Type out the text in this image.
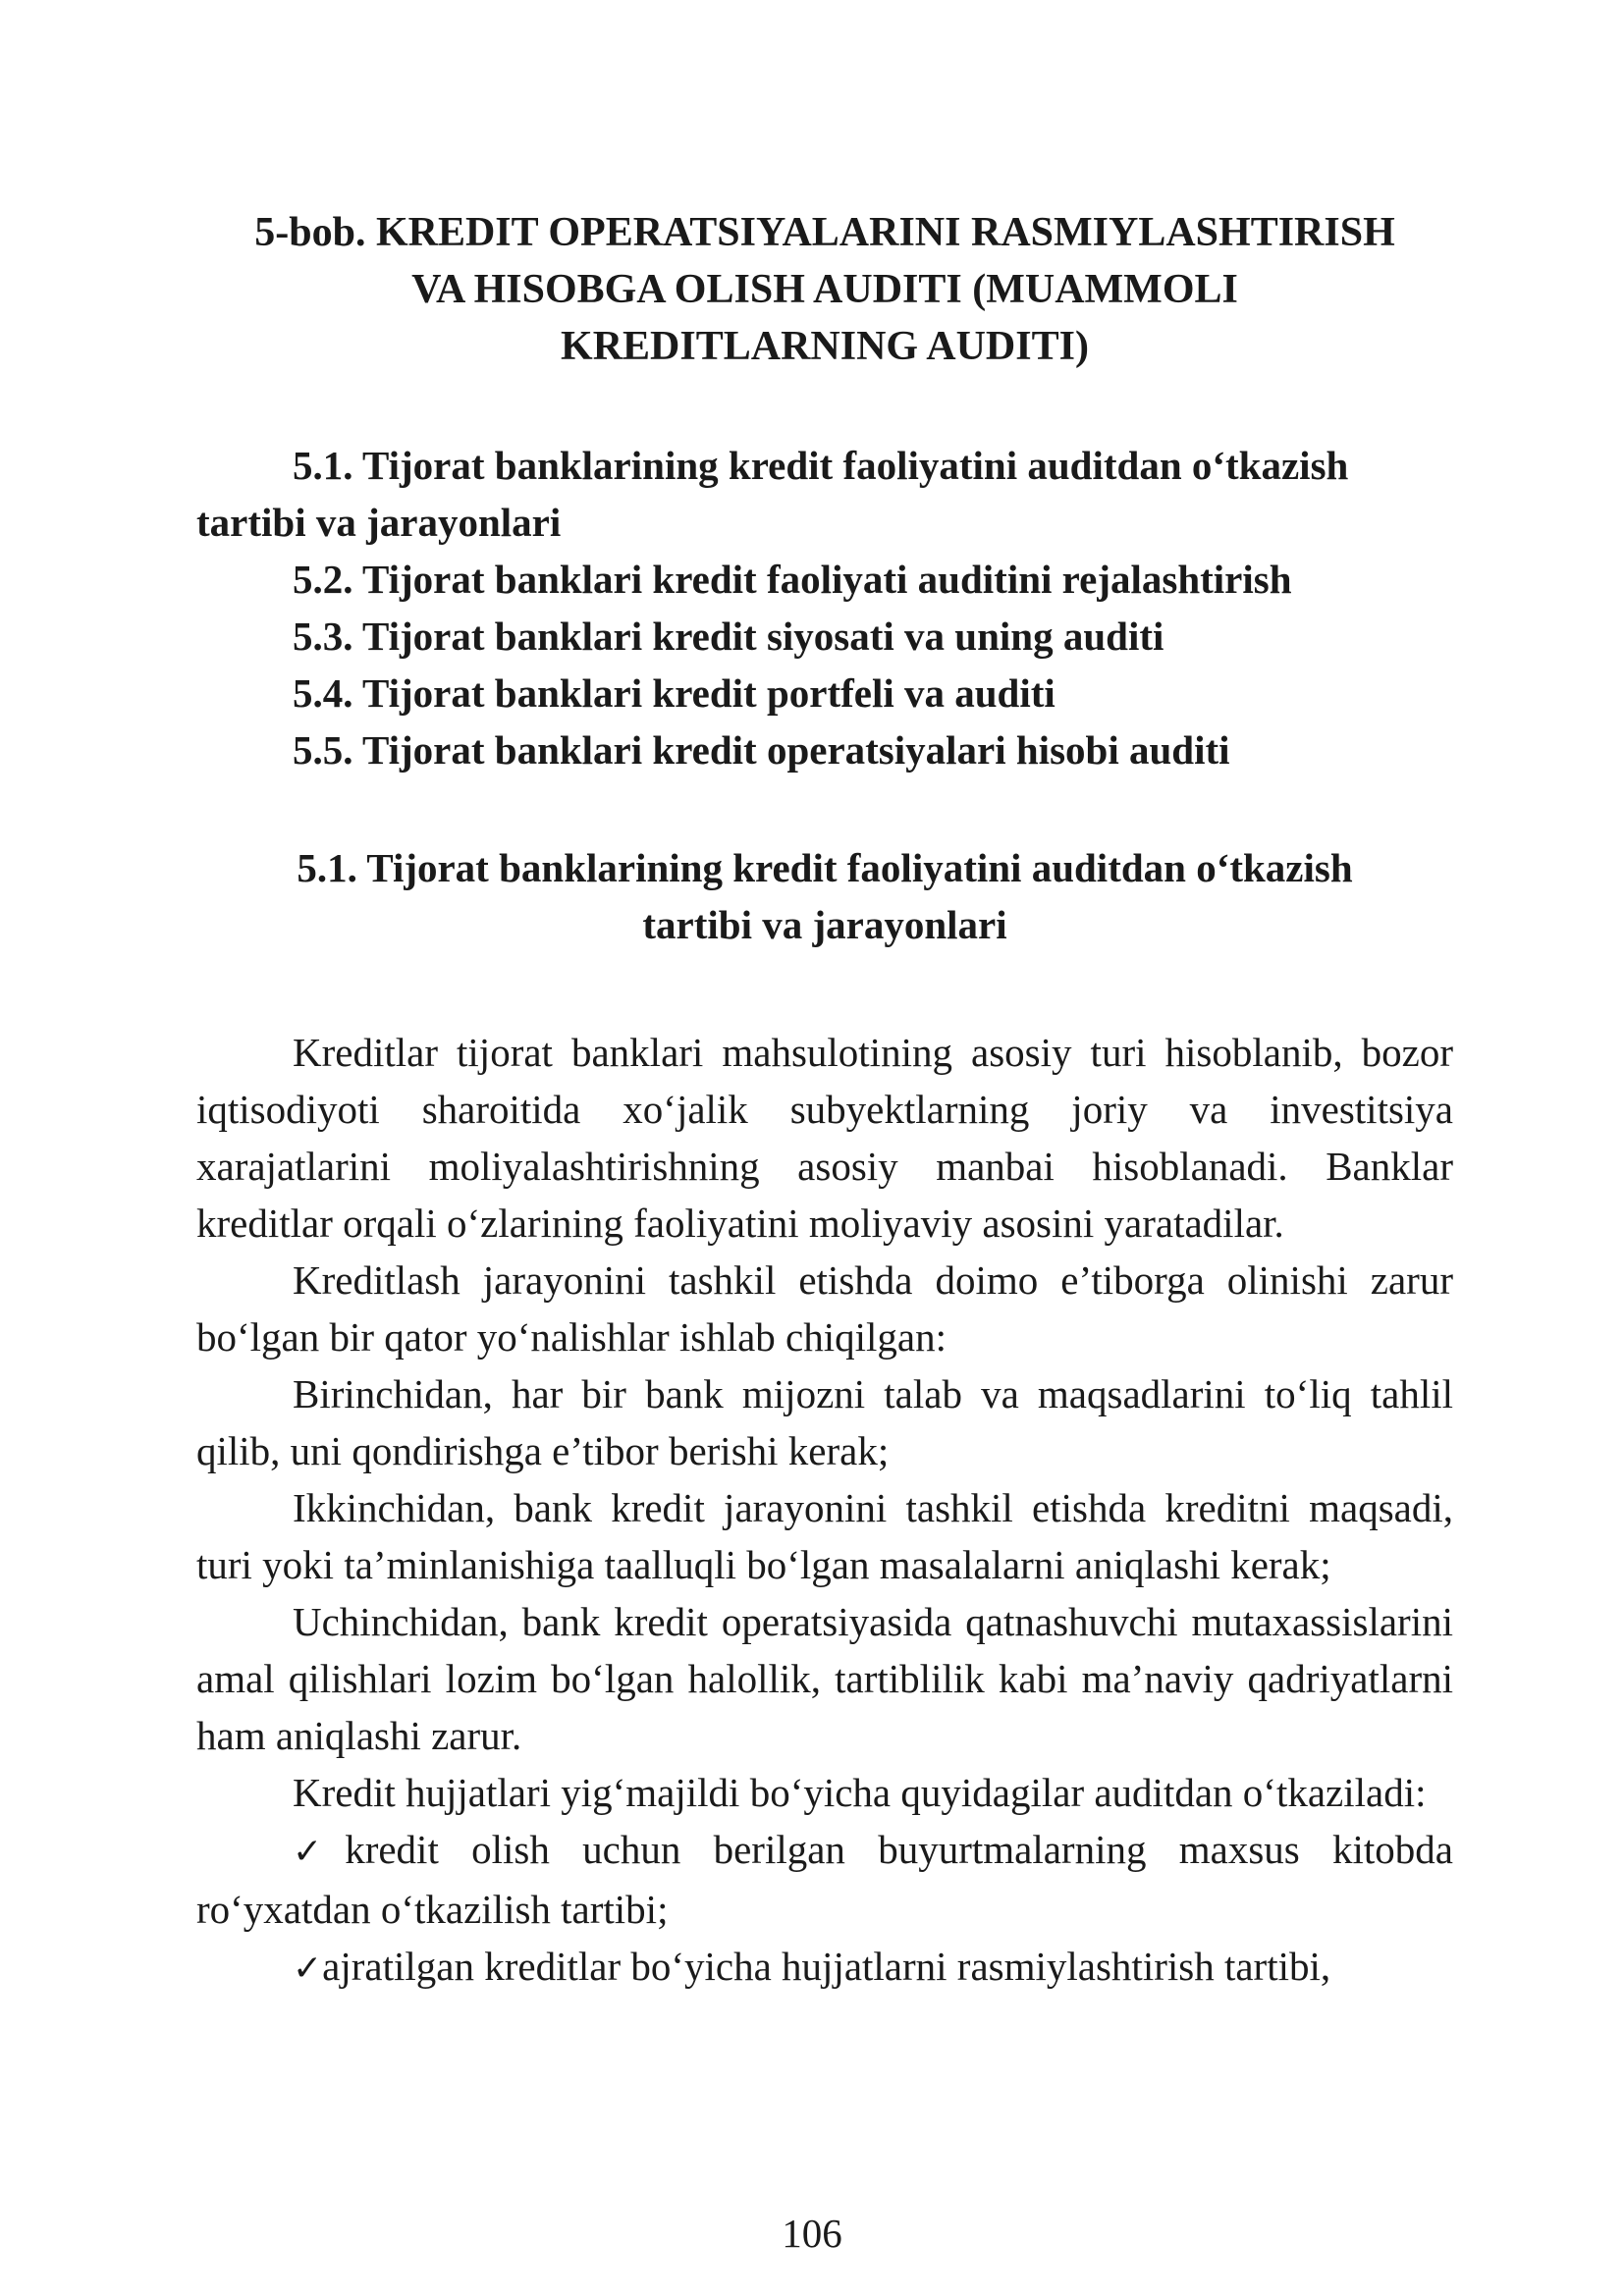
5-bob. KREDIT OPERATSIYALARINI RASMIYLASHTIRISH
VA HISOBGA OLISH AUDITI (MUAMMOLI
KREDITLARNING AUDITI)

5.1. Tijorat banklarining kredit faoliyatini auditdan o‘tkazish tartibi va jarayonlari

5.2. Tijorat banklari kredit faoliyati auditini rejalashtirish

5.3. Tijorat banklari kredit siyosati va uning auditi

5.4. Tijorat banklari kredit portfeli va auditi

5.5. Tijorat banklari kredit operatsiyalari hisobi auditi

5.1. Tijorat banklarining kredit faoliyatini auditdan o‘tkazish
tartibi va jarayonlari

Kreditlar tijorat banklari mahsulotining asosiy turi hisoblanib, bozor iqtisodiyoti sharoitida xo‘jalik subyektlarning joriy va investitsiya xarajatlarini moliyalashtirishning asosiy manbai hisoblanadi. Banklar kreditlar orqali o‘zlarining faoliyatini moliyaviy asosini yaratadilar.

Kreditlash jarayonini tashkil etishda doimo e’tiborga olinishi zarur bo‘lgan bir qator yo‘nalishlar ishlab chiqilgan:

Birinchidan, har bir bank mijozni talab va maqsadlarini to‘liq tahlil qilib, uni qondirishga e’tibor berishi kerak;

Ikkinchidan, bank kredit jarayonini tashkil etishda kreditni maqsadi, turi yoki ta’minlanishiga taalluqli bo‘lgan masalalarni aniqlashi kerak;

Uchinchidan, bank kredit operatsiyasida qatnashuvchi mutaxassislarini amal qilishlari lozim bo‘lgan halollik, tartiblilik kabi ma’naviy qadriyatlarni ham aniqlashi zarur.

Kredit hujjatlari yig‘majildi bo‘yicha quyidagilar auditdan o‘tkaziladi:

✓kredit olish uchun berilgan buyurtmalarning maxsus kitobda ro‘yxatdan o‘tkazilish tartibi;

✓ajratilgan kreditlar bo‘yicha hujjatlarni rasmiylashtirish tartibi,

106
